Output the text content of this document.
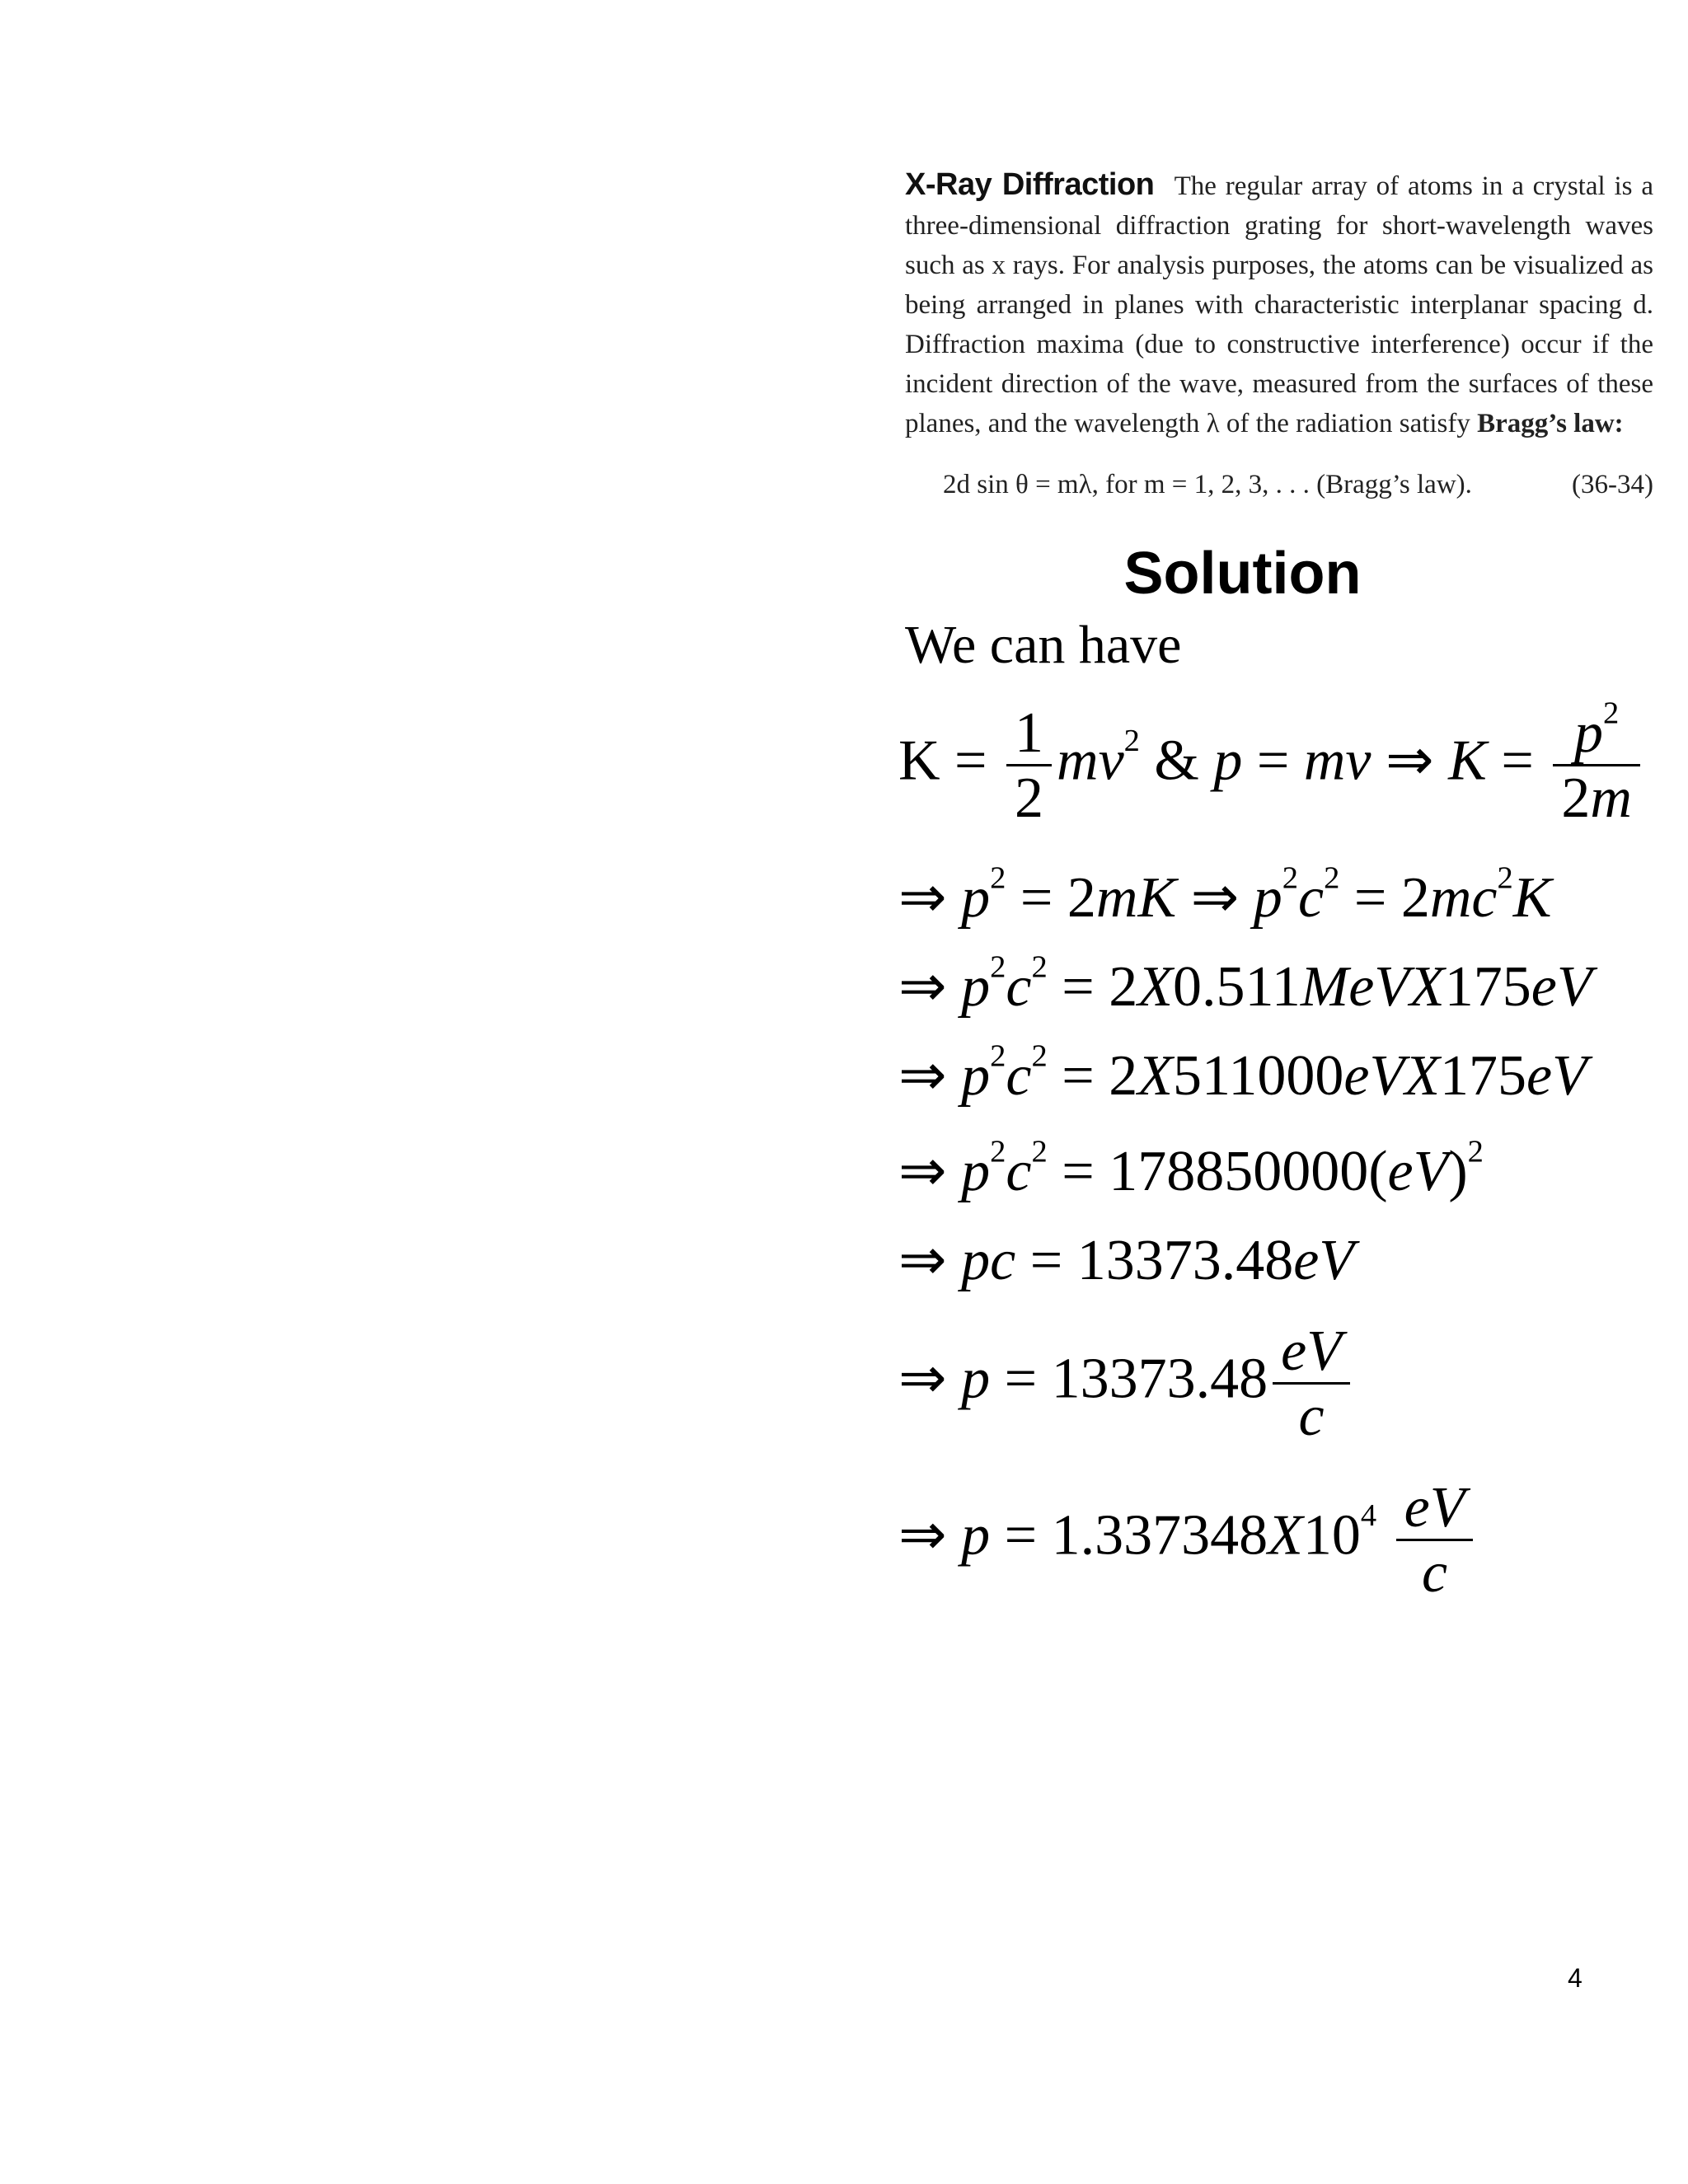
X-Ray Diffraction The regular array of atoms in a crystal is a three-dimensional diffraction grating for short-wavelength waves such as x rays. For analysis purposes, the atoms can be visualized as being arranged in planes with characteristic interplanar spacing d. Diffraction maxima (due to constructive interference) occur if the incident direction of the wave, measured from the surfaces of these

planes, and the wavelength λ of the radiation satisfy Bragg’s law:

2d sin θ = mλ, for m = 1, 2, 3, . . . (Bragg’s law).	(36-34)
Solution
We can have
$K = \frac{1}{2} mv^2$ & p = mv ⇒ $K = \frac{p^2}{2m}$
⇒ $p^2 = 2mK$ ⇒ $p^2c^2 = 2mc^2K$
⇒ $p^2c^2$ = 2X0.511MeVX175eV
⇒ $p^2c^2 = 2X511000eVX175eV$
⇒ $p^2c^2 = 178850000(eV)^2$
⇒ pc = 13373.48eV
⇒ $p = 13373.48 \frac{eV}{c}$
⇒ $p = 1.337348X10^4 \frac{eV}{c}$
4
